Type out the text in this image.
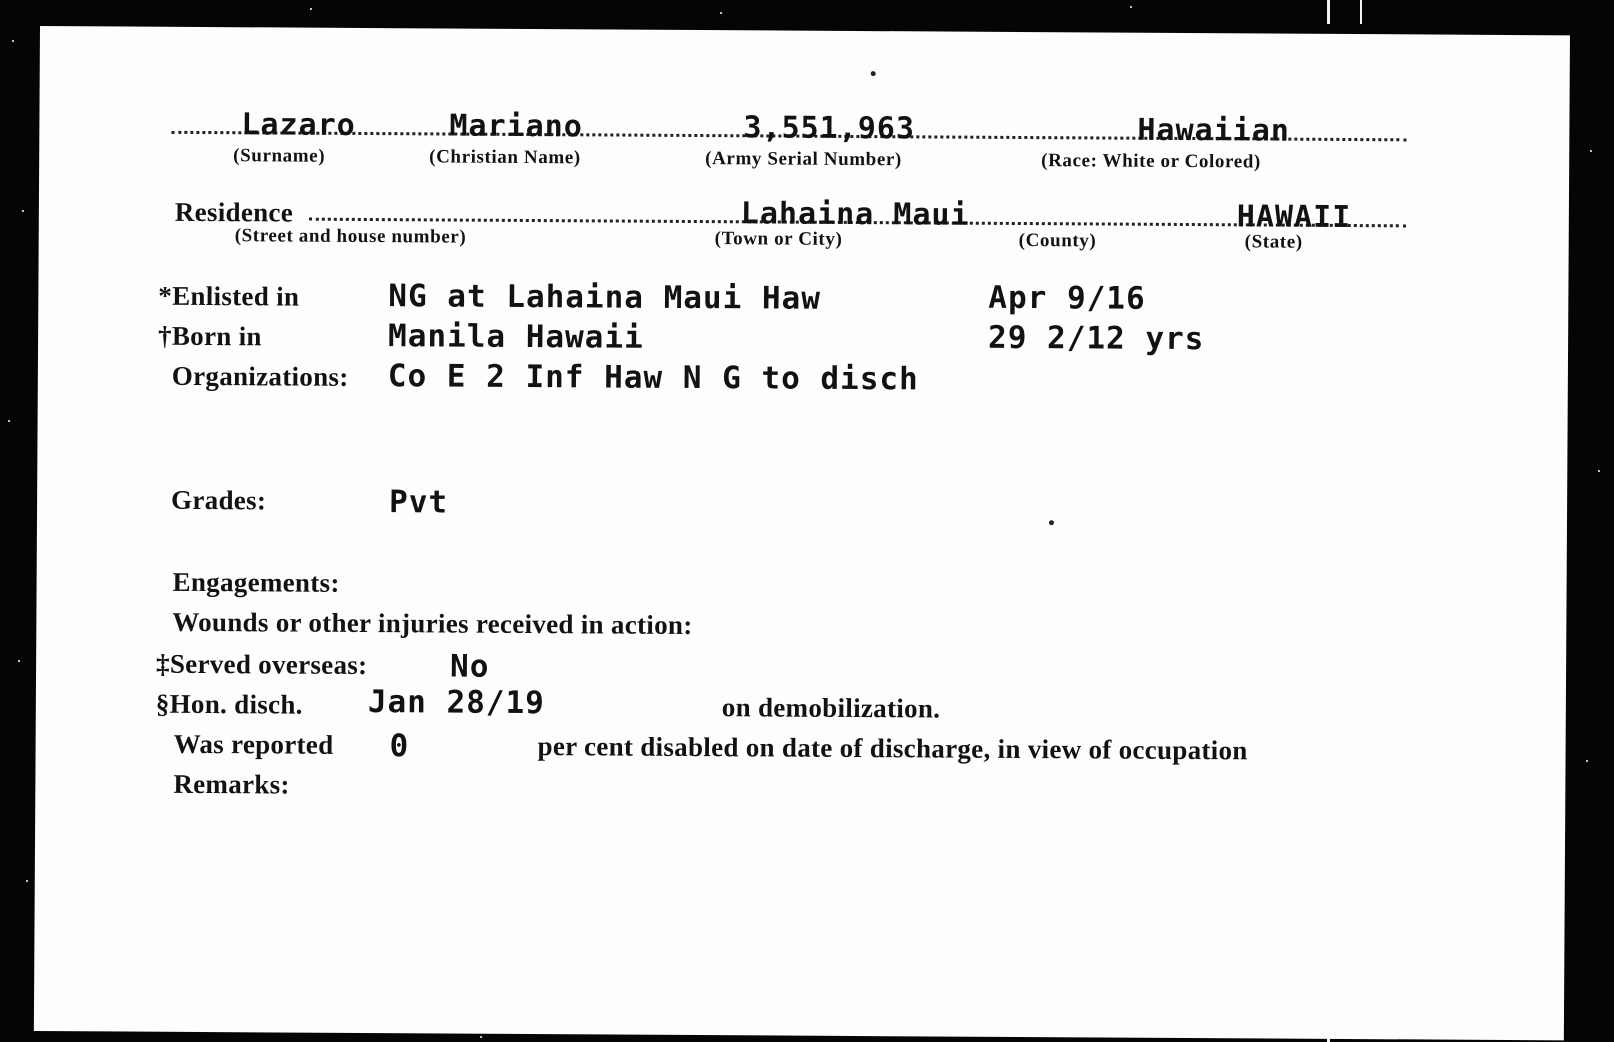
Lazaro
(Surname)
Mariano
(Christian Name)
3,551,963
(Army Serial Number)
Hawaiian
(Race: White or Colored)
Residence
(Street and house number)
Lahaina Maui
(Town or City)	(County)
HAWAII
(State)
*Enlisted in	NG at Lahaina Maui Haw	Apr 9/16
†Born in	Manila Hawaii	29 2/12 yrs
Organizations: Co E 2 Inf Haw N G to disch
Grades:	Pvt
Engagements:
Wounds or other injuries received in action:
‡Served overseas:	No
§Hon. disch. Jan 28/19	on demobilization.
Was reported 0	per cent disabled on date of discharge, in view of occupation
Remarks:
